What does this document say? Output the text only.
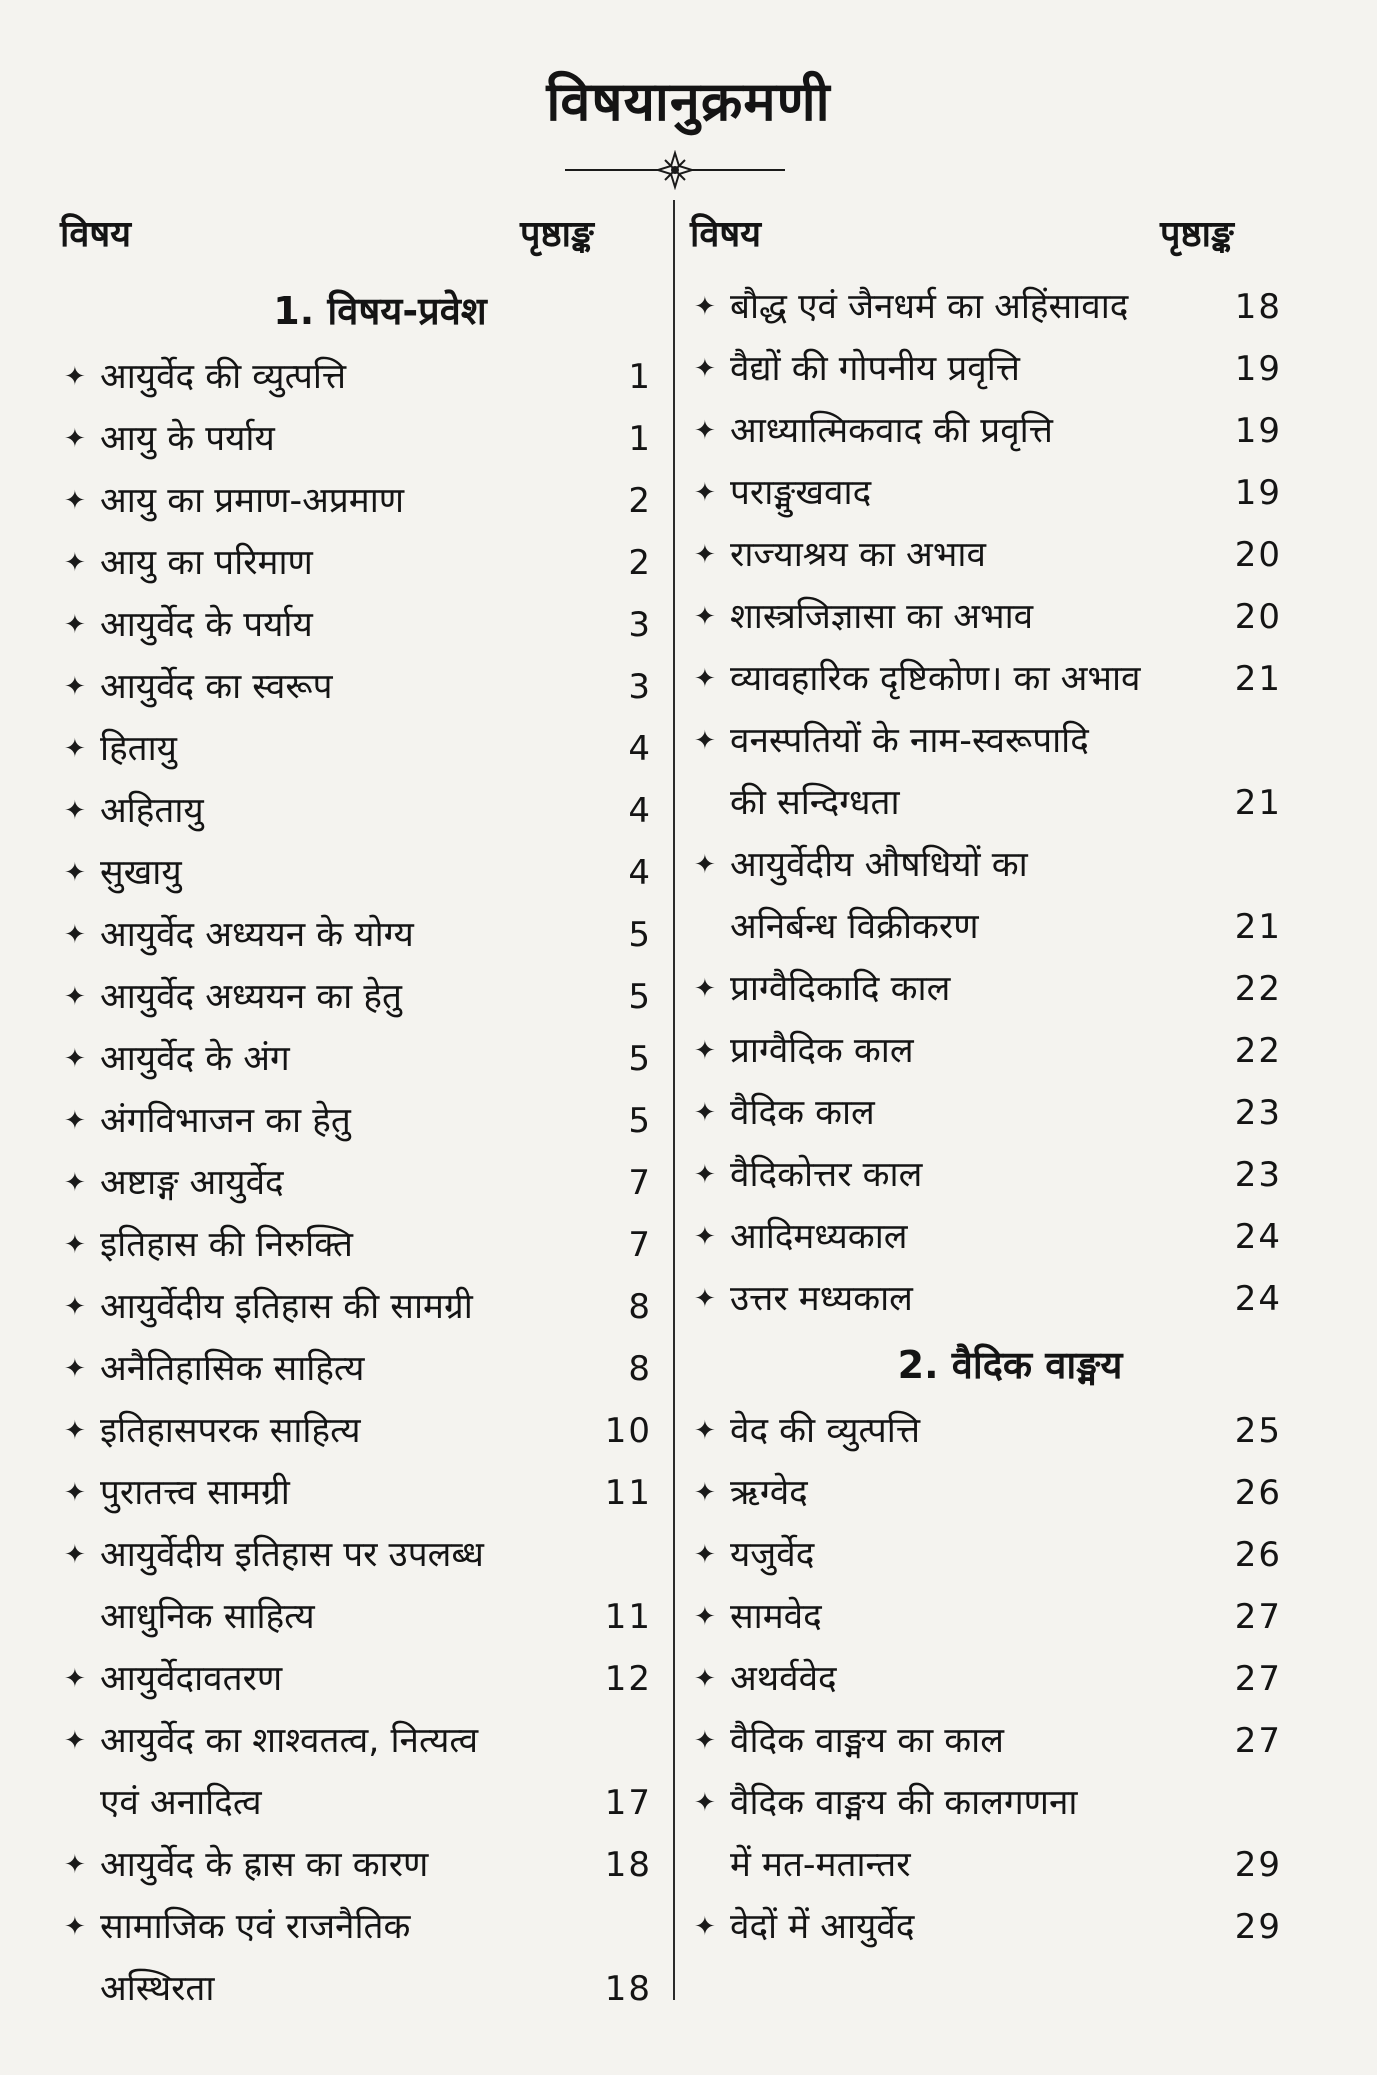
विषयानुक्रमणी
विषय	पृष्ठाङ्क	विषय	पृष्ठाङ्क
1. विषय-प्रवेश
✦ आयुर्वेद की व्युत्पत्ति	1
✦ आयु के पर्याय	1
✦ आयु का प्रमाण-अप्रमाण	2
✦ आयु का परिमाण	2
✦ आयुर्वेद के पर्याय	3
✦ आयुर्वेद का स्वरूप	3
✦ हितायु	4
✦ अहितायु	4
✦ सुखायु	4
✦ आयुर्वेद अध्ययन के योग्य	5
✦ आयुर्वेद अध्ययन का हेतु	5
✦ आयुर्वेद के अंग	5
✦ अंगविभाजन का हेतु	5
✦ अष्टाङ्ग आयुर्वेद	7
✦ इतिहास की निरुक्ति	7
✦ आयुर्वेदीय इतिहास की सामग्री	8
✦ अनैतिहासिक साहित्य	8
✦ इतिहासपरक साहित्य	10
✦ पुरातत्त्व सामग्री	11
✦ आयुर्वेदीय इतिहास पर उपलब्ध
आधुनिक साहित्य	11
✦ आयुर्वेदावतरण	12
✦ आयुर्वेद का शाश्वतत्व, नित्यत्व
एवं अनादित्व	17
✦ आयुर्वेद के ह्रास का कारण	18
✦ सामाजिक एवं राजनैतिक
अस्थिरता	18
✦ बौद्ध एवं जैनधर्म का अहिंसावाद	18
✦ वैद्यों की गोपनीय प्रवृत्ति	19
✦ आध्यात्मिकवाद की प्रवृत्ति	19
✦ पराङ्मुखवाद	19
✦ राज्याश्रय का अभाव	20
✦ शास्त्रजिज्ञासा का अभाव	20
✦ व्यावहारिक दृष्टिकोण। का अभाव	21
✦ वनस्पतियों के नाम-स्वरूपादि
की सन्दिग्धता	21
✦ आयुर्वेदीय औषधियों का
अनिर्बन्ध विक्रीकरण	21
✦ प्राग्वैदिकादि काल	22
✦ प्राग्वैदिक काल	22
✦ वैदिक काल	23
✦ वैदिकोत्तर काल	23
✦ आदिमध्यकाल	24
✦ उत्तर मध्यकाल	24
2. वैदिक वाङ्मय
✦ वेद की व्युत्पत्ति	25
✦ ऋग्वेद	26
✦ यजुर्वेद	26
✦ सामवेद	27
✦ अथर्ववेद	27
✦ वैदिक वाङ्मय का काल	27
✦ वैदिक वाङ्मय की कालगणना
में मत-मतान्तर	29
✦ वेदों में आयुर्वेद	29
